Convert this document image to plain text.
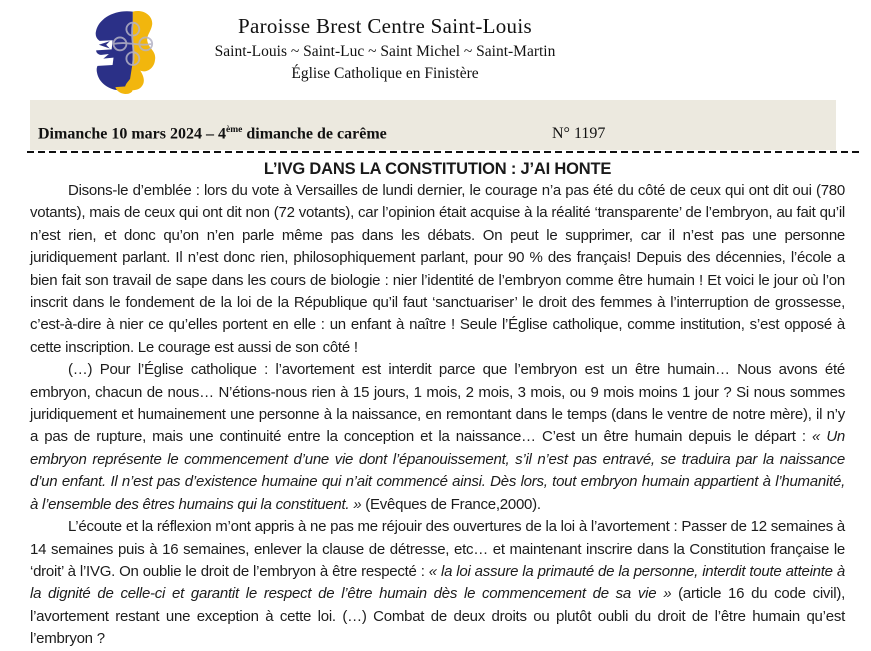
Paroisse Brest Centre Saint-Louis
Saint-Louis ~ Saint-Luc ~ Saint Michel ~ Saint-Martin
Église Catholique en Finistère
Dimanche 10 mars 2024 – 4ème dimanche de carême	N° 1197
L’IVG DANS LA CONSTITUTION : J’AI HONTE

Disons-le d’emblée : lors du vote à Versailles de lundi dernier, le courage n’a pas été du côté de ceux qui ont dit oui (780 votants), mais de ceux qui ont dit non (72 votants), car l’opinion était acquise à la réalité ‘transparente’ de l’embryon, au fait qu’il n’est rien, et donc qu’on n’en parle même pas dans les débats. On peut le supprimer, car il n’est pas une personne juridiquement parlant. Il n’est donc rien, philosophiquement parlant, pour 90 % des français! Depuis des décennies, l’école a bien fait son travail de sape dans les cours de biologie : nier l’identité de l’embryon comme être humain ! Et voici le jour où l’on inscrit dans le fondement de la loi de la République qu’il faut ‘sanctuariser’ le droit des femmes à l’interruption de grossesse, c’est-à-dire à nier ce qu’elles portent en elle : un enfant à naître ! Seule l’Église catholique, comme institution, s’est opposé à cette inscription. Le courage est aussi de son côté !

(…) Pour l’Église catholique : l’avortement est interdit parce que l’embryon est un être humain… Nous avons été embryon, chacun de nous… N’étions-nous rien à 15 jours, 1 mois, 2 mois, 3 mois, ou 9 mois moins 1 jour ? Si nous sommes juridiquement et humainement une personne à la naissance, en remontant dans le temps (dans le ventre de notre mère), il n’y a pas de rupture, mais une continuité entre la conception et la naissance… C’est un être humain depuis le départ : « Un embryon représente le commencement d’une vie dont l’épanouissement, s’il n’est pas entravé, se traduira par la naissance d’un enfant. Il n’est pas d’existence humaine qui n’ait commencé ainsi. Dès lors, tout embryon humain appartient à l’humanité, à l’ensemble des êtres humains qui la constituent. » (Evêques de France,2000).

L’écoute et la réflexion m’ont appris à ne pas me réjouir des ouvertures de la loi à l’avortement : Passer de 12 semaines à 14 semaines puis à 16 semaines, enlever la clause de détresse, etc… et maintenant inscrire dans la Constitution française le ‘droit’ à l’IVG. On oublie le droit de l’embryon à être respecté : « la loi assure la primauté de la personne, interdit toute atteinte à la dignité de celle-ci et garantit le respect de l’être humain dès le commencement de sa vie » (article 16 du code civil), l’avortement restant une exception à cette loi. (…) Combat de deux droits ou plutôt oubli du droit de l’être humain qu’est l’embryon ?
